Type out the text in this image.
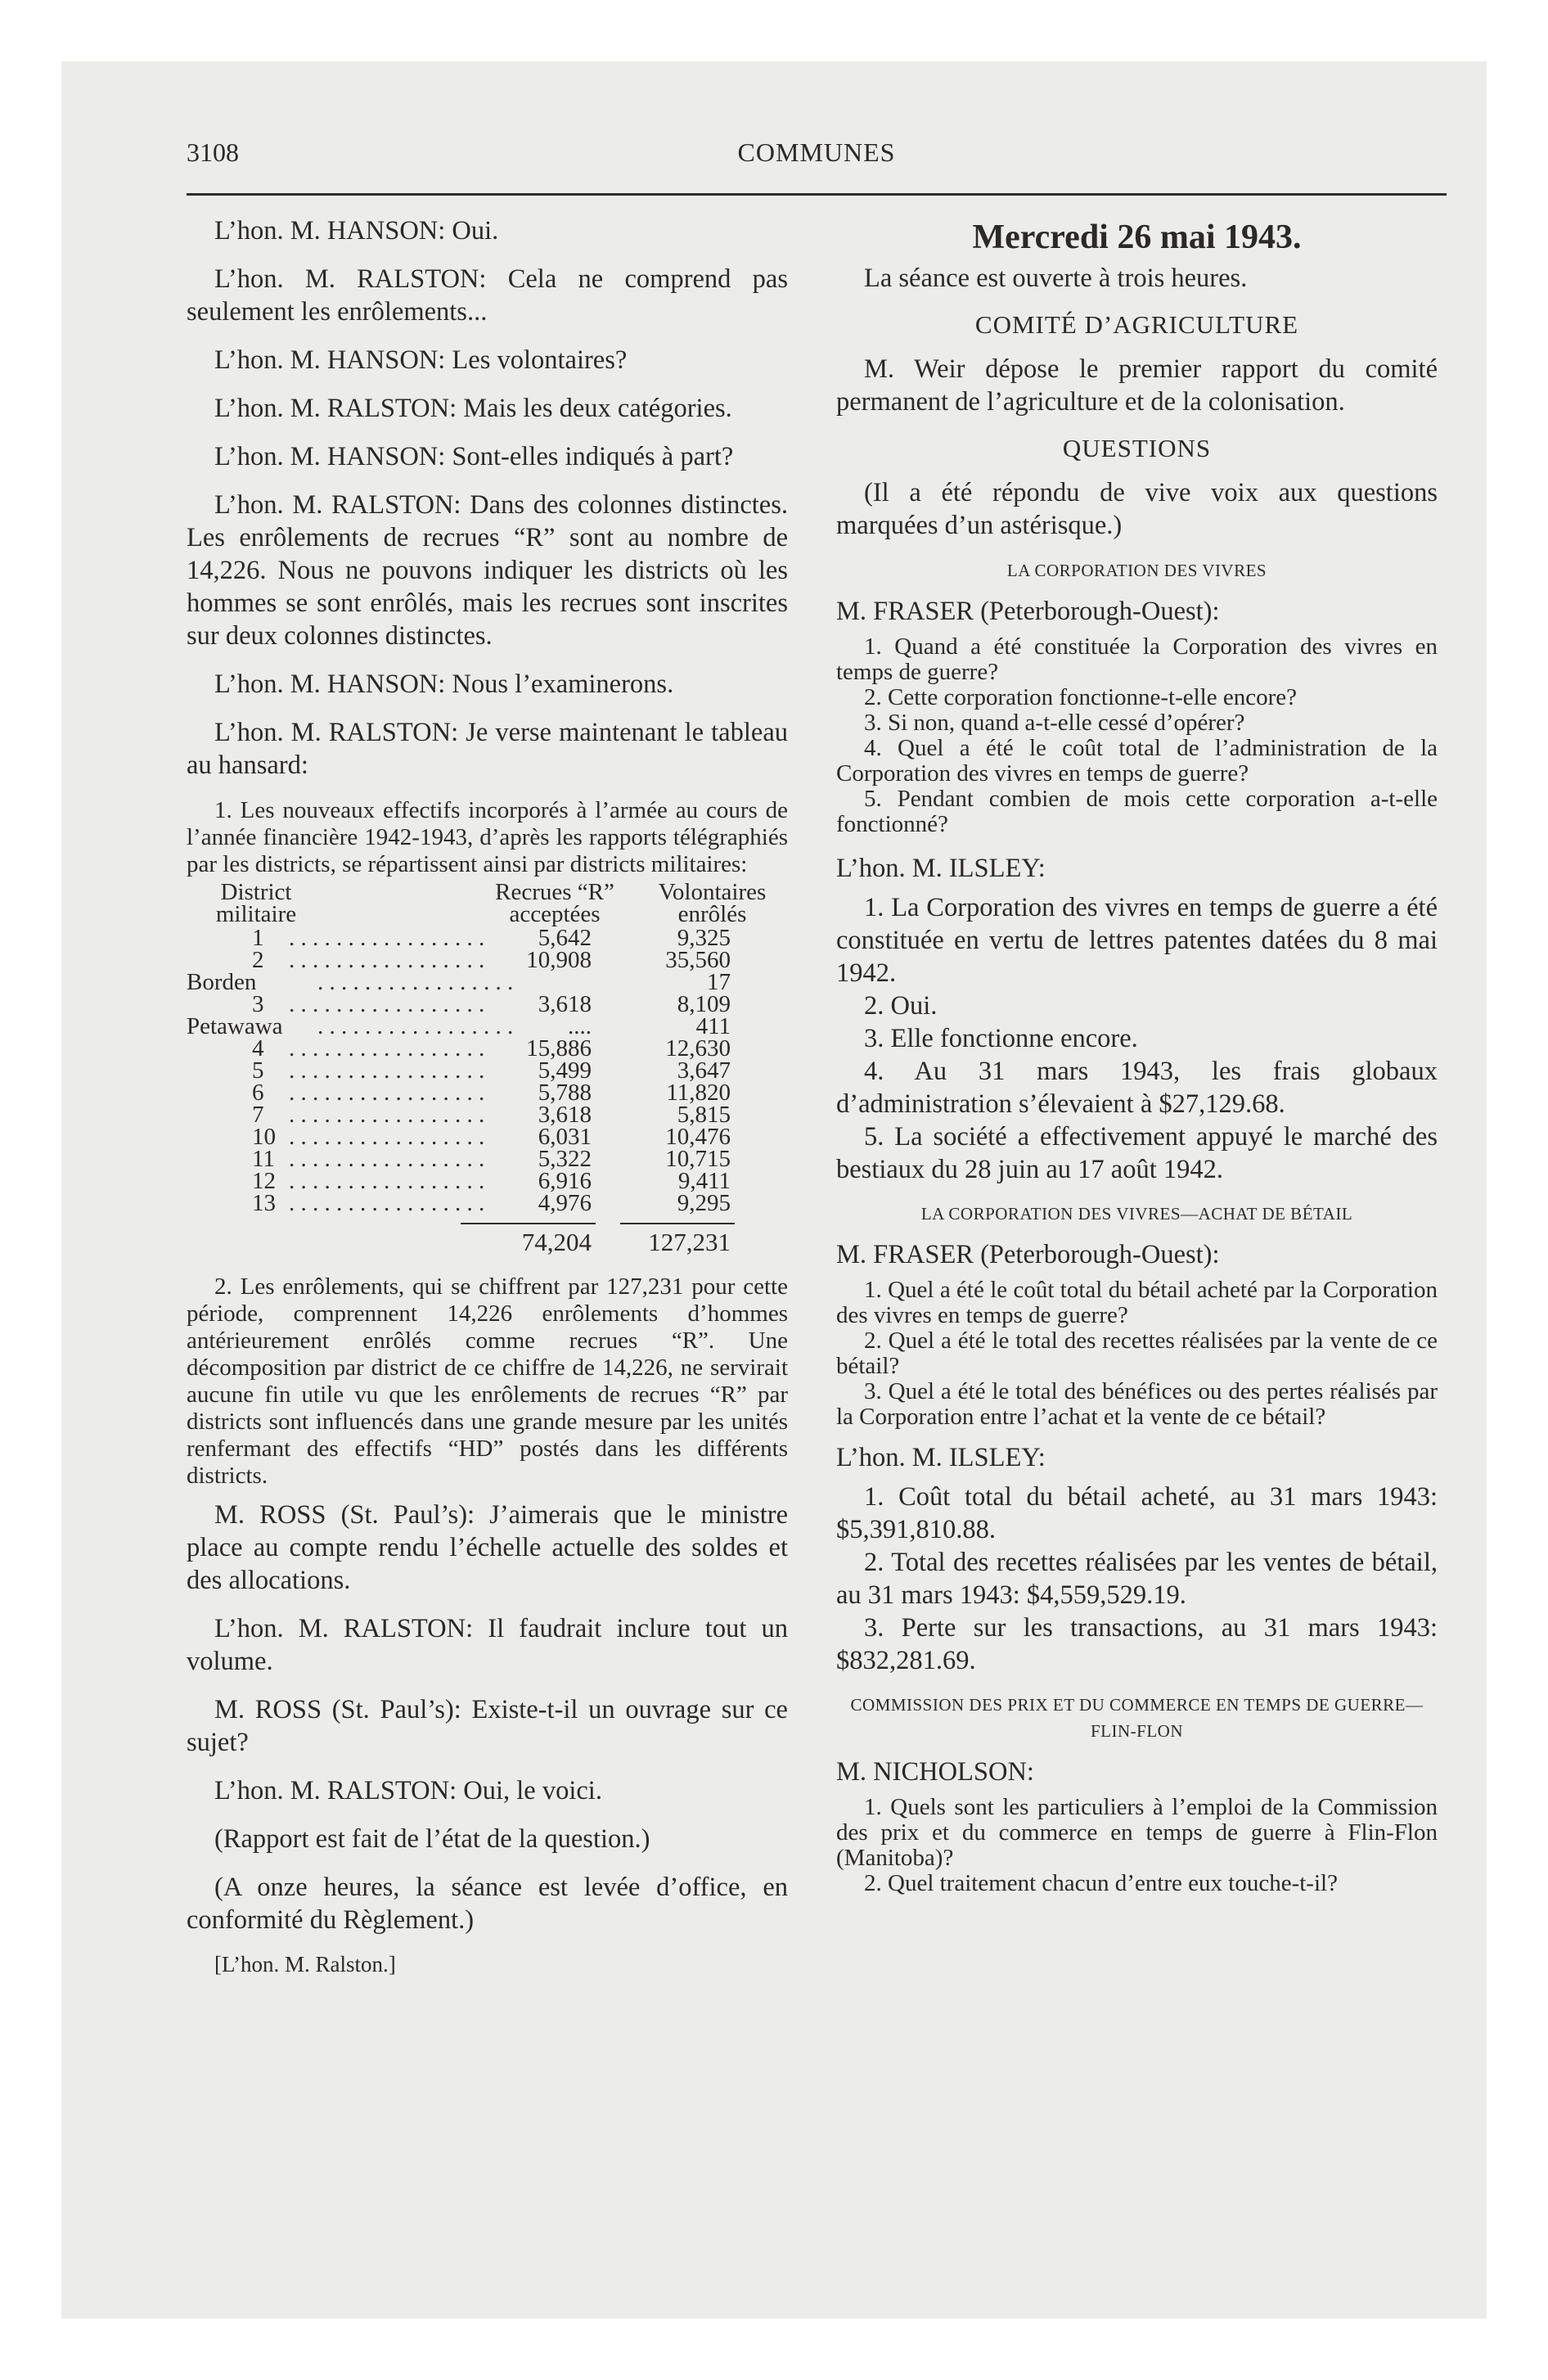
3108	COMMUNES

L’hon. M. HANSON: Oui.

L’hon. M. RALSTON: Cela ne comprend pas seulement les enrôlements...

L’hon. M. HANSON: Les volontaires?

L’hon. M. RALSTON: Mais les deux catégories.

L’hon. M. HANSON: Sont-elles indiqués à part?

L’hon. M. RALSTON: Dans des colonnes distinctes. Les enrôlements de recrues “R” sont au nombre de 14,226. Nous ne pouvons indiquer les districts où les hommes se sont enrôlés, mais les recrues sont inscrites sur deux colonnes distinctes.

L’hon. M. HANSON: Nous l’examinerons.

L’hon. M. RALSTON: Je verse maintenant le tableau au hansard:

1. Les nouveaux effectifs incorporés à l’armée au cours de l’année financière 1942-1943, d’après les rapports télégraphiés par les districts, se répartissent ainsi par districts militaires:

District militaire
Recrues “R” acceptées
Volontaires enrôlés
1 . . . . . . . . . . . . . . . . .	5,642	9,325
2 . . . . . . . . . . . . . . . . .	10,908	35,560
Borden	. . . . . . . . . . . . . . . . .	17
3 . . . . . . . . . . . . . . . . .	3,618	8,109
Petawawa . . . . . . . . . . . . . . . . .	....	411
4 . . . . . . . . . . . . . . . . .	15,886	12,630
5 . . . . . . . . . . . . . . . . .	5,499	3,647
6 . . . . . . . . . . . . . . . . .	5,788	11,820
7 . . . . . . . . . . . . . . . . .	3,618	5,815
10 . . . . . . . . . . . . . . . . .	6,031	10,476
11 . . . . . . . . . . . . . . . . .	5,322	10,715
12 . . . . . . . . . . . . . . . . .	6,916	9,411
13 . . . . . . . . . . . . . . . . .	4,976	9,295
74,204	127,231

2. Les enrôlements, qui se chiffrent par 127,231 pour cette période, comprennent 14,226 enrôlements d’hommes antérieurement enrôlés comme recrues “R”. Une décomposition par district de ce chiffre de 14,226, ne servirait aucune fin utile vu que les enrôlements de recrues “R” par districts sont influencés dans une grande mesure par les unités renfermant des effectifs “HD” postés dans les différents districts.

M. ROSS (St. Paul’s): J’aimerais que le ministre place au compte rendu l’échelle actuelle des soldes et des allocations.

L’hon. M. RALSTON: Il faudrait inclure tout un volume.

M. ROSS (St. Paul’s): Existe-t-il un ouvrage sur ce sujet?

L’hon. M. RALSTON: Oui, le voici.

(Rapport est fait de l’état de la question.)

(A onze heures, la séance est levée d’office, en conformité du Règlement.)

[L’hon. M. Ralston.]
Mercredi 26 mai 1943.

La séance est ouverte à trois heures.

COMITÉ D’AGRICULTURE

M. Weir dépose le premier rapport du comité permanent de l’agriculture et de la colonisation.

QUESTIONS

(Il a été répondu de vive voix aux questions marquées d’un astérisque.)

LA CORPORATION DES VIVRES
M. FRASER (Peterborough-Ouest):

1. Quand a été constituée la Corporation des vivres en temps de guerre?

2. Cette corporation fonctionne-t-elle encore?

3. Si non, quand a-t-elle cessé d’opérer?

4. Quel a été le coût total de l’administration de la Corporation des vivres en temps de guerre?

5. Pendant combien de mois cette corporation a-t-elle fonctionné?

L’hon. M. ILSLEY:

1. La Corporation des vivres en temps de guerre a été constituée en vertu de lettres patentes datées du 8 mai 1942.

2. Oui.

3. Elle fonctionne encore.

4. Au 31 mars 1943, les frais globaux d’administration s’élevaient à $27,129.68.

5. La société a effectivement appuyé le marché des bestiaux du 28 juin au 17 août 1942.

LA CORPORATION DES VIVRES—ACHAT DE BÉTAIL
M. FRASER (Peterborough-Ouest):

1. Quel a été le coût total du bétail acheté par la Corporation des vivres en temps de guerre?

2. Quel a été le total des recettes réalisées par la vente de ce bétail?

3. Quel a été le total des bénéfices ou des pertes réalisés par la Corporation entre l’achat et la vente de ce bétail?

L’hon. M. ILSLEY:

1. Coût total du bétail acheté, au 31 mars 1943: $5,391,810.88.

2. Total des recettes réalisées par les ventes de bétail, au 31 mars 1943: $4,559,529.19.

3. Perte sur les transactions, au 31 mars 1943: $832,281.69.

COMMISSION DES PRIX ET DU COMMERCE EN TEMPS DE GUERRE—FLIN-FLON
M. NICHOLSON:

1. Quels sont les particuliers à l’emploi de la Commission des prix et du commerce en temps de guerre à Flin-Flon (Manitoba)?

2. Quel traitement chacun d’entre eux touche-t-il?
